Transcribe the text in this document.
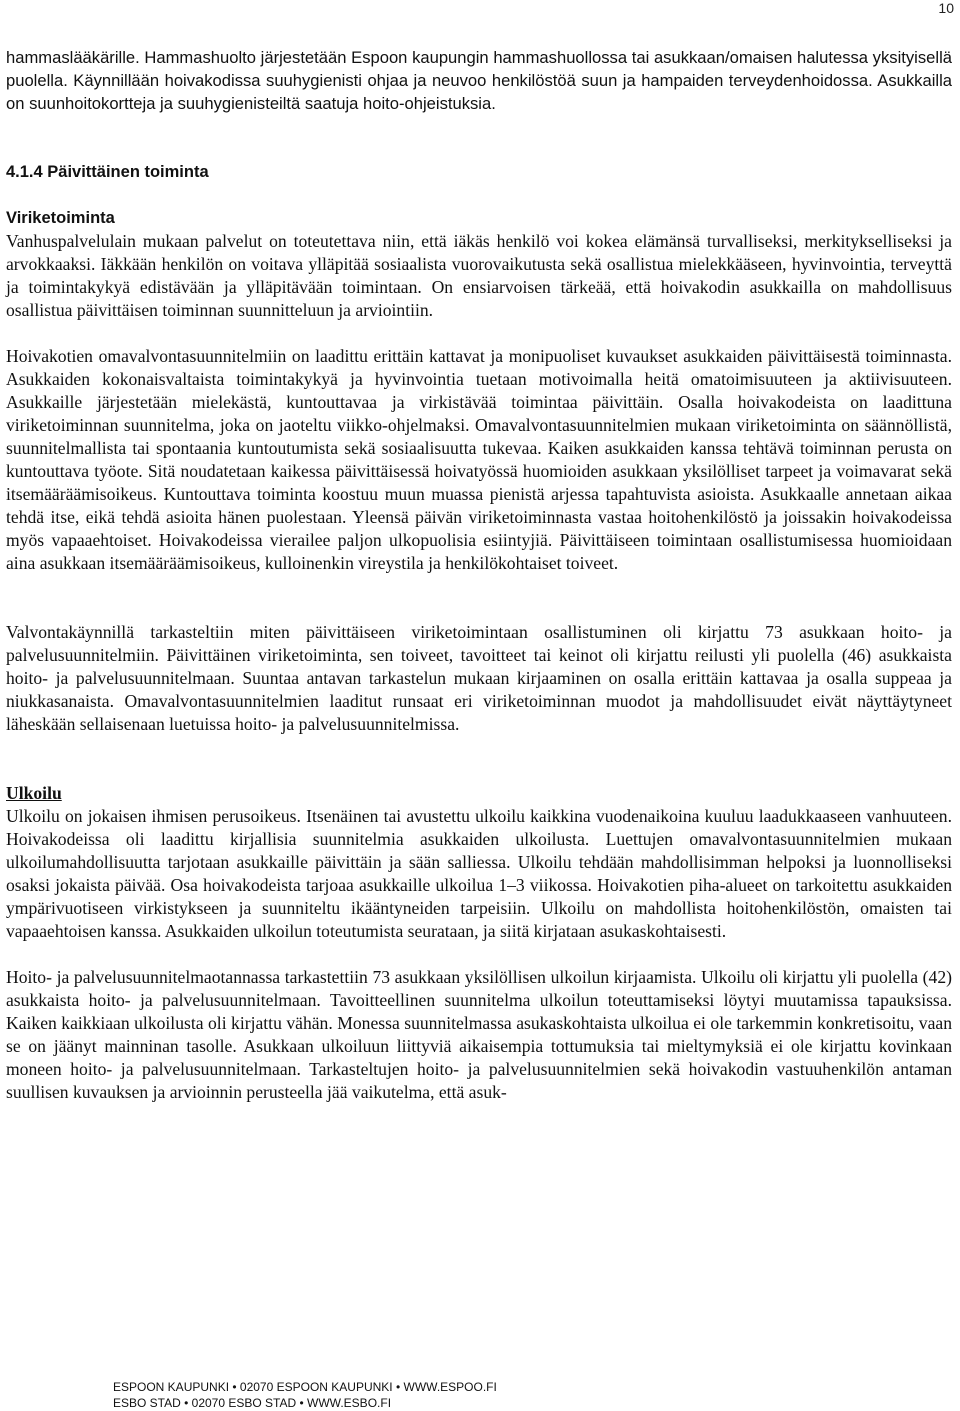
10

hammaslääkärille. Hammashuolto järjestetään Espoon kaupungin hammashuollossa tai asukkaan/omaisen halutessa yksityisellä puolella. Käynnillään hoivakodissa suuhygienisti ohjaa ja neuvoo henkilöstöä suun ja hampaiden terveydenhoidossa. Asukkailla on suunhoitokortteja ja suuhygienisteiltä saatuja hoito-ohjeistuksia.

4.1.4 Päivittäinen toiminta
Viriketoiminta

Vanhuspalvelulain mukaan palvelut on toteutettava niin, että iäkäs henkilö voi kokea elämänsä turvalliseksi, merkitykselliseksi ja arvokkaaksi. Iäkkään henkilön on voitava ylläpitää sosiaalista vuorovaikutusta sekä osallistua mielekkääseen, hyvinvointia, terveyttä ja toimintakykyä edistävään ja ylläpitävään toimintaan. On ensiarvoisen tärkeää, että hoivakodin asukkailla on mahdollisuus osallistua päivittäisen toiminnan suunnitteluun ja arviointiin.

Hoivakotien omavalvontasuunnitelmiin on laadittu erittäin kattavat ja monipuoliset kuvaukset asukkaiden päivittäisestä toiminnasta. Asukkaiden kokonaisvaltaista toimintakykyä ja hyvinvointia tuetaan motivoimalla heitä omatoimisuuteen ja aktiivisuuteen. Asukkaille järjestetään mielekästä, kuntouttavaa ja virkistävää toimintaa päivittäin. Osalla hoivakodeista on laadittuna viriketoiminnan suunnitelma, joka on jaoteltu viikko-ohjelmaksi. Omavalvontasuunnitelmien mukaan viriketoiminta on säännöllistä, suunnitelmallista tai spontaania kuntoutumista sekä sosiaalisuutta tukevaa. Kaiken asukkaiden kanssa tehtävä toiminnan perusta on kuntouttava työote. Sitä noudatetaan kaikessa päivittäisessä hoivatyössä huomioiden asukkaan yksilölliset tarpeet ja voimavarat sekä itsemääräämisoikeus. Kuntouttava toiminta koostuu muun muassa pienistä arjessa tapahtuvista asioista. Asukkaalle annetaan aikaa tehdä itse, eikä tehdä asioita hänen puolestaan. Yleensä päivän viriketoiminnasta vastaa hoitohenkilöstö ja joissakin hoivakodeissa myös vapaaehtoiset. Hoivakodeissa vierailee paljon ulkopuolisia esiintyjiä. Päivittäiseen toimintaan osallistumisessa huomioidaan aina asukkaan itsemääräämisoikeus, kulloinenkin vireystila ja henkilökohtaiset toiveet.

Valvontakäynnillä tarkasteltiin miten päivittäiseen viriketoimintaan osallistuminen oli kirjattu 73 asukkaan hoito- ja palvelusuunnitelmiin. Päivittäinen viriketoiminta, sen toiveet, tavoitteet tai keinot oli kirjattu reilusti yli puolella (46) asukkaista hoito- ja palvelusuunnitelmaan. Suuntaa antavan tarkastelun mukaan kirjaaminen on osalla erittäin kattavaa ja osalla suppeaa ja niukkasanaista. Omavalvontasuunnitelmien laaditut runsaat eri viriketoiminnan muodot ja mahdollisuudet eivät näyttäytyneet läheskään sellaisenaan luetuissa hoito- ja palvelusuunnitelmissa.

Ulkoilu

Ulkoilu on jokaisen ihmisen perusoikeus. Itsenäinen tai avustettu ulkoilu kaikkina vuodenaikoina kuuluu laadukkaaseen vanhuuteen. Hoivakodeissa oli laadittu kirjallisia suunnitelmia asukkaiden ulkoilusta. Luettujen omavalvontasuunnitelmien mukaan ulkoilumahdollisuutta tarjotaan asukkaille päivittäin ja sään salliessa. Ulkoilu tehdään mahdollisimman helpoksi ja luonnolliseksi osaksi jokaista päivää. Osa hoivakodeista tarjoaa asukkaille ulkoilua 1–3 viikossa. Hoivakotien piha-alueet on tarkoitettu asukkaiden ympärivuotiseen virkistykseen ja suunniteltu ikääntyneiden tarpeisiin. Ulkoilu on mahdollista hoitohenkilöstön, omaisten tai vapaaehtoisen kanssa. Asukkaiden ulkoilun toteutumista seurataan, ja siitä kirjataan asukaskohtaisesti.

Hoito- ja palvelusuunnitelmaotannassa tarkastettiin 73 asukkaan yksilöllisen ulkoilun kirjaamista. Ulkoilu oli kirjattu yli puolella (42) asukkaista hoito- ja palvelusuunnitelmaan. Tavoitteellinen suunnitelma ulkoilun toteuttamiseksi löytyi muutamissa tapauksissa. Kaiken kaikkiaan ulkoilusta oli kirjattu vähän. Monessa suunnitelmassa asukaskohtaista ulkoilua ei ole tarkemmin konkretisoitu, vaan se on jäänyt mainninan tasolle. Asukkaan ulkoiluun liittyviä aikaisempia tottumuksia tai mieltymyksiä ei ole kirjattu kovinkaan moneen hoito- ja palvelusuunnitelmaan. Tarkasteltujen hoito- ja palvelusuunnitelmien sekä hoivakodin vastuuhenkilön antaman suullisen kuvauksen ja arvioinnin perusteella jää vaikutelma, että asuk-

ESPOON KAUPUNKI • 02070 ESPOON KAUPUNKI • WWW.ESPOO.FI
ESBO STAD • 02070 ESBO STAD • WWW.ESBO.FI
